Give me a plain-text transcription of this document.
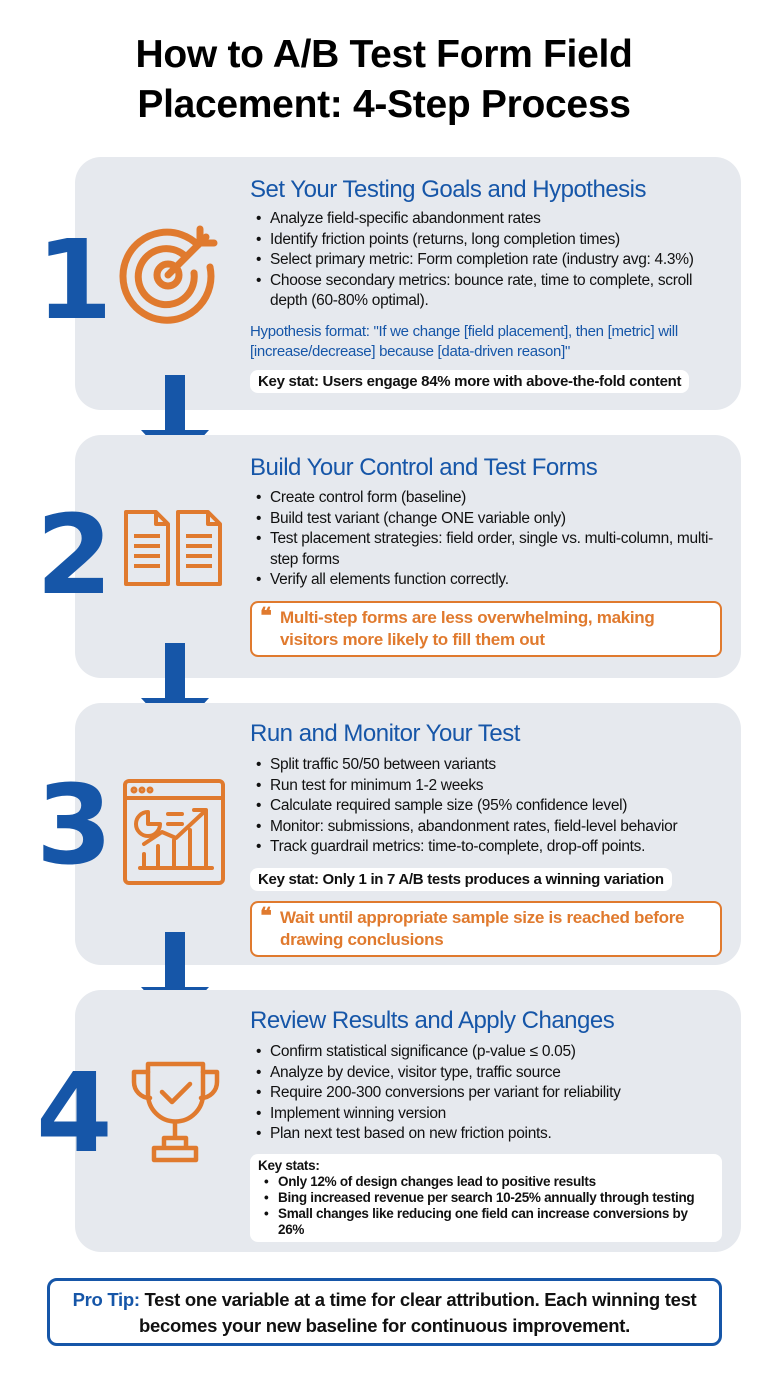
How to A/B Test Form Field
Placement: 4-Step Process
1
Set Your Testing Goals and Hypothesis
• Analyze field-specific abandonment rates
• Identify friction points (returns, long completion times)
• Select primary metric: Form completion rate (industry avg: 4.3%)
• Choose secondary metrics: bounce rate, time to complete, scroll depth (60-80% optimal).
Hypothesis format: "If we change [field placement], then [metric] will [increase/decrease] because [data-driven reason]"
Key stat: Users engage 84% more with above-the-fold content
2
Build Your Control and Test Forms
• Create control form (baseline)
• Build test variant (change ONE variable only)
• Test placement strategies: field order, single vs. multi-column, multi-step forms
• Verify all elements function correctly.
❝ Multi-step forms are less overwhelming, making visitors more likely to fill them out
3
Run and Monitor Your Test
• Split traffic 50/50 between variants
• Run test for minimum 1-2 weeks
• Calculate required sample size (95% confidence level)
• Monitor: submissions, abandonment rates, field-level behavior
• Track guardrail metrics: time-to-complete, drop-off points.
Key stat: Only 1 in 7 A/B tests produces a winning variation
❝ Wait until appropriate sample size is reached before drawing conclusions
4
Review Results and Apply Changes
• Confirm statistical significance (p-value ≤ 0.05)
• Analyze by device, visitor type, traffic source
• Require 200-300 conversions per variant for reliability
• Implement winning version
• Plan next test based on new friction points.
Key stats:
• Only 12% of design changes lead to positive results
• Bing increased revenue per search 10-25% annually through testing
• Small changes like reducing one field can increase conversions by 26%
Pro Tip: Test one variable at a time for clear attribution. Each winning test becomes your new baseline for continuous improvement.
